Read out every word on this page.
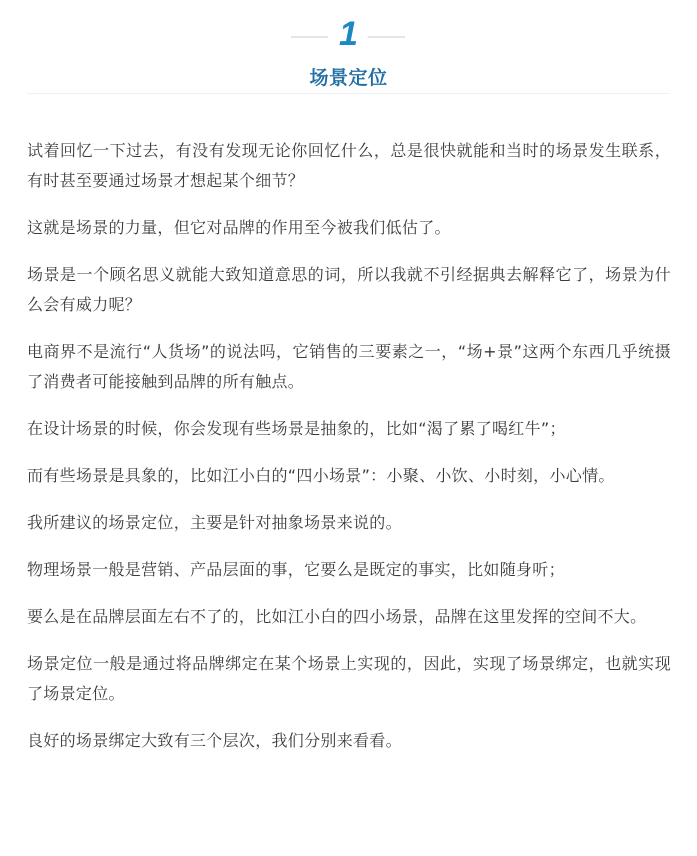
1
场景定位

试着回忆一下过去，有没有发现无论你回忆什么，总是很快就能和当时的场景发生联系，有时甚至要通过场景才想起某个细节？

这就是场景的力量，但它对品牌的作用至今被我们低估了。

场景是一个顾名思义就能大致知道意思的词，所以我就不引经据典去解释它了，场景为什么会有威力呢？

电商界不是流行“人货场”的说法吗，它销售的三要素之一，“场+景”这两个东西几乎统摄了消费者可能接触到品牌的所有触点。

在设计场景的时候，你会发现有些场景是抽象的，比如“渴了累了喝红牛”；

而有些场景是具象的，比如江小白的“四小场景”：小聚、小饮、小时刻，小心情。

我所建议的场景定位，主要是针对抽象场景来说的。

物理场景一般是营销、产品层面的事，它要么是既定的事实，比如随身听；

要么是在品牌层面左右不了的，比如江小白的四小场景，品牌在这里发挥的空间不大。

场景定位一般是通过将品牌绑定在某个场景上实现的，因此，实现了场景绑定，也就实现了场景定位。

良好的场景绑定大致有三个层次，我们分别来看看。
